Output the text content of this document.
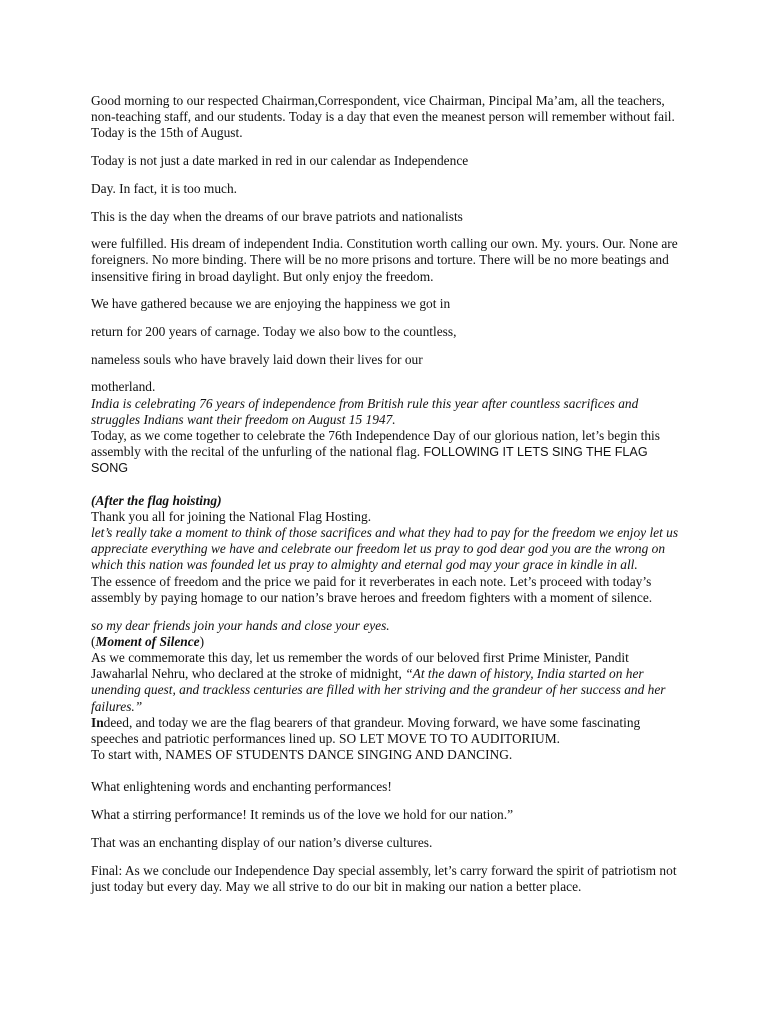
Good morning to our respected Chairman,Correspondent, vice Chairman, Pincipal Ma’am, all the teachers, non-teaching staff, and our students. Today is a day that even the meanest person will remember without fail. Today is the 15th of August.

Today is not just a date marked in red in our calendar as Independence

Day. In fact, it is too much.

This is the day when the dreams of our brave patriots and nationalists

were fulfilled. His dream of independent India. Constitution worth calling our own. My. yours. Our. None are foreigners. No more binding. There will be no more prisons and torture. There will be no more beatings and insensitive firing in broad daylight. But only enjoy the freedom.

We have gathered because we are enjoying the happiness we got in

return for 200 years of carnage. Today we also bow to the countless,

nameless souls who have bravely laid down their lives for our

motherland.

India is celebrating 76 years of independence from British rule this year after countless sacrifices and struggles Indians want their freedom on August 15 1947.

Today, as we come together to celebrate the 76th Independence Day of our glorious nation, let’s begin this assembly with the recital of the unfurling of the national flag. FOLLOWING IT LETS SING THE FLAG SONG

(After the flag hoisting)

Thank you all for joining the National Flag Hosting.

let’s really take a moment to think of those sacrifices and what they had to pay for the freedom we enjoy let us appreciate everything we have and celebrate our freedom let us pray to god dear god you are the wrong on which this nation was founded let us pray to almighty and eternal god may your grace in kindle in all.

The essence of freedom and the price we paid for it reverberates in each note. Let’s proceed with today’s assembly by paying homage to our nation’s brave heroes and freedom fighters with a moment of silence.

so my dear friends join your hands and close your eyes.

(Moment of Silence)

As we commemorate this day, let us remember the words of our beloved first Prime Minister, Pandit Jawaharlal Nehru, who declared at the stroke of midnight, “At the dawn of history, India started on her unending quest, and trackless centuries are filled with her striving and the grandeur of her success and her failures.”

Indeed, and today we are the flag bearers of that grandeur. Moving forward, we have some fascinating speeches and patriotic performances lined up. SO LET MOVE TO TO AUDITORIUM.

To start with, NAMES OF STUDENTS DANCE SINGING AND DANCING.

What enlightening words and enchanting performances!

What a stirring performance! It reminds us of the love we hold for our nation.”

That was an enchanting display of our nation’s diverse cultures.

Final: As we conclude our Independence Day special assembly, let’s carry forward the spirit of patriotism not just today but every day. May we all strive to do our bit in making our nation a better place.
